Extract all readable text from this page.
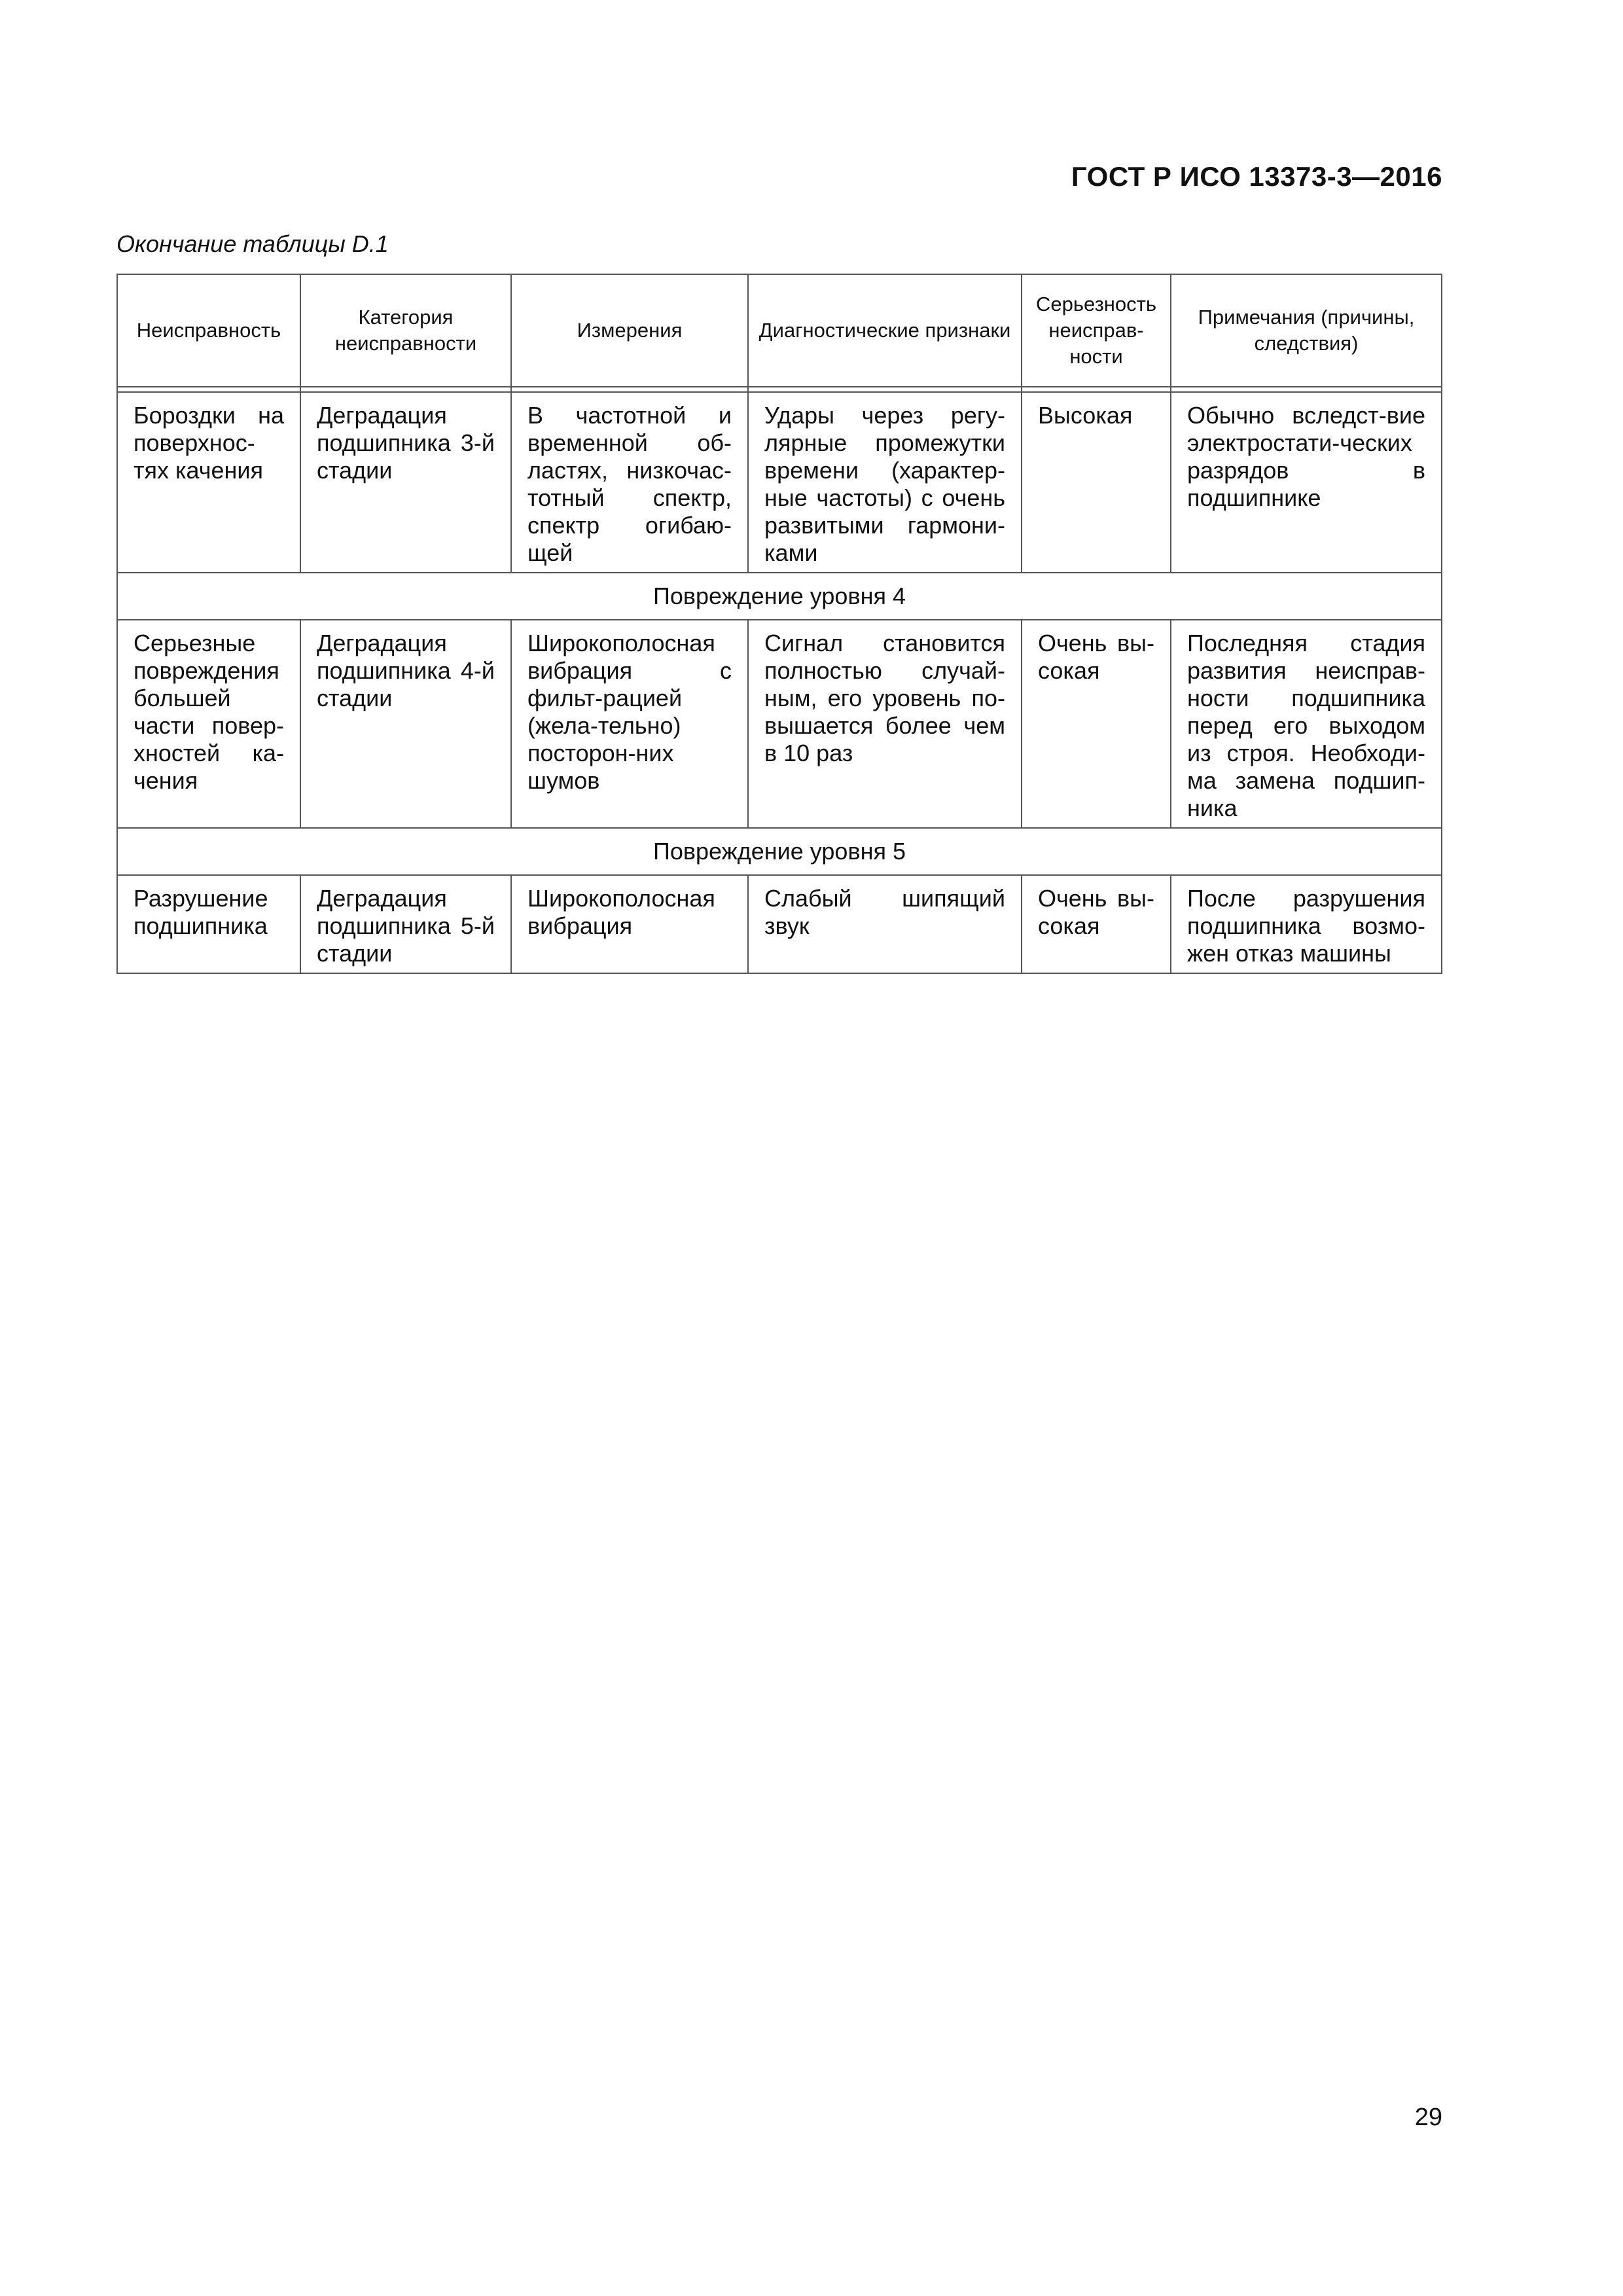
ГОСТ Р ИСО 13373-3—2016
Окончание таблицы D.1
Неисправность	Категория неисправности	Измерения	Диагностические признаки	Серьезность неисправ-ности	Примечания (причины, следствия)

Бороздки на поверхнос-тях качения	Деградация подшипника 3-й стадии	В частотной и временной об-ластях, низкочас-тотный спектр, спектр огибаю-щей	Удары через регу-лярные промежутки времени (характер-ные частоты) с очень развитыми гармони-ками	Высокая	Обычно вследст-вие электростати-ческих разрядов в подшипнике
Повреждение уровня 4					
Серьезные повреждения большей части повер-хностей ка-чения	Деградация подшипника 4-й стадии	Широкополосная вибрация с фильт-рацией (жела-тельно) посторон-них шумов	Сигнал становится полностью случай-ным, его уровень по-вышается более чем в 10 раз	Очень вы-сокая	Последняя стадия развития неисправ-ности подшипника перед его выходом из строя. Необходи-ма замена подшип-ника
Повреждение уровня 5					
Разрушение подшипника	Деградация подшипника 5-й стадии	Широкополосная вибрация	Слабый шипящий звук	Очень вы-сокая	После разрушения подшипника возмо-жен отказ машины
29
